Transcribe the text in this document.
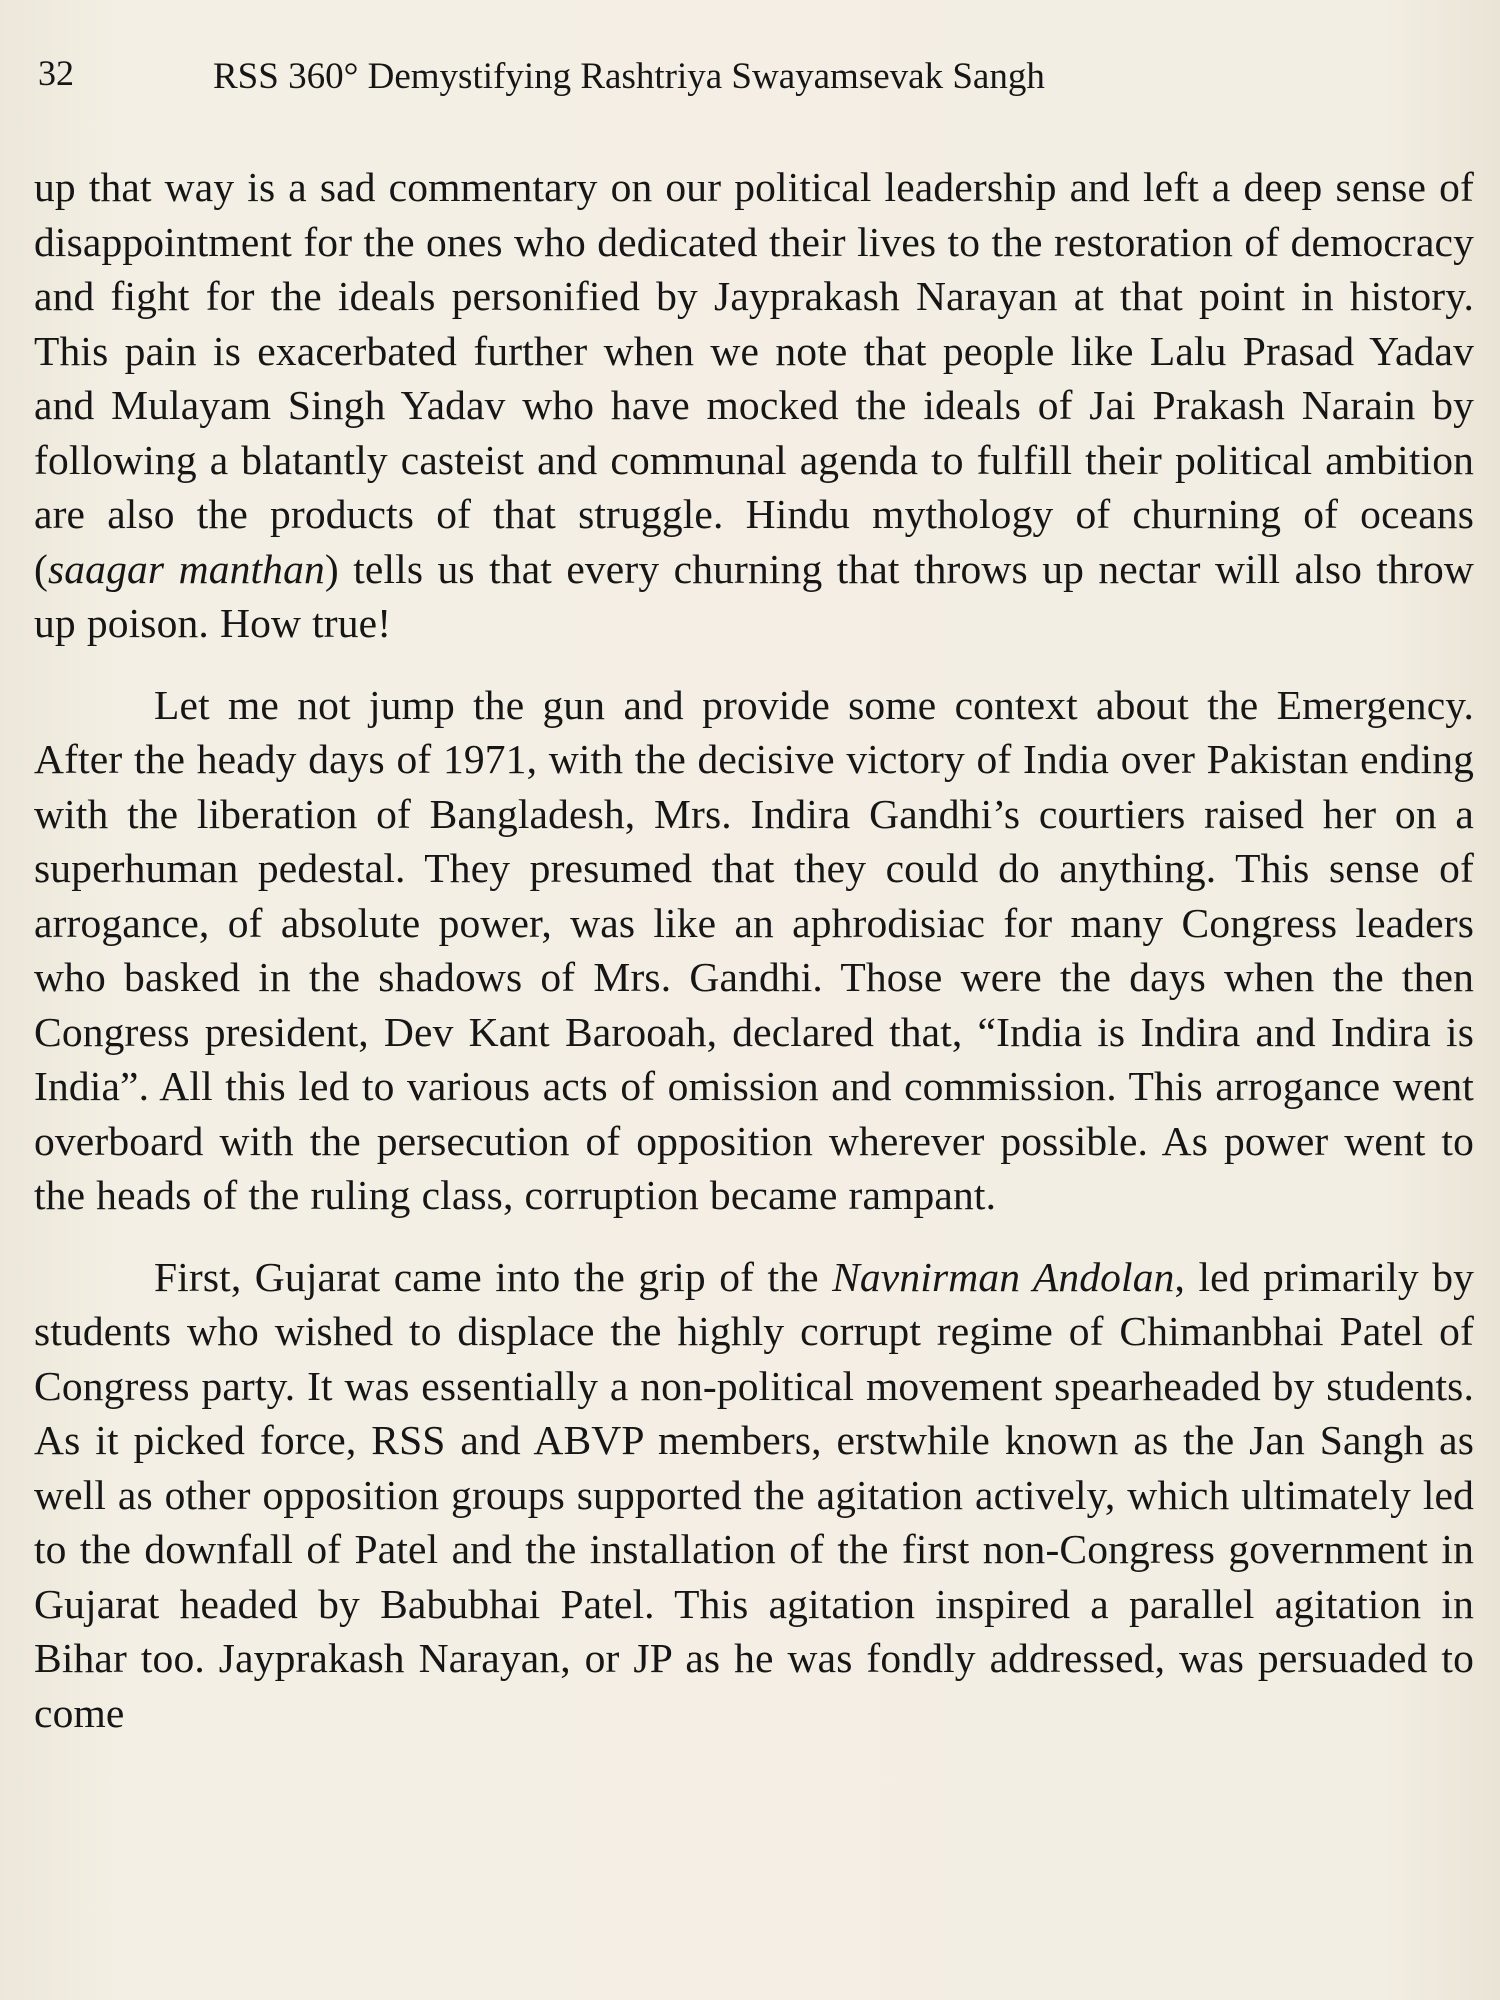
32	RSS 360° Demystifying Rashtriya Swayamsevak Sangh

up that way is a sad commentary on our political leadership and left a deep sense of disappointment for the ones who dedicated their lives to the restoration of democracy and fight for the ideals personified by Jayprakash Narayan at that point in history. This pain is exacerbated further when we note that people like Lalu Prasad Yadav and Mulayam Singh Yadav who have mocked the ideals of Jai Prakash Narain by following a blatantly casteist and communal agenda to fulfill their political ambition are also the products of that struggle. Hindu mythology of churning of oceans (saagar manthan) tells us that every churning that throws up nectar will also throw up poison. How true!

Let me not jump the gun and provide some context about the Emergency. After the heady days of 1971, with the decisive victory of India over Pakistan ending with the liberation of Bangladesh, Mrs. Indira Gandhi’s courtiers raised her on a superhuman pedestal. They presumed that they could do anything. This sense of arrogance, of absolute power, was like an aphrodisiac for many Congress leaders who basked in the shadows of Mrs. Gandhi. Those were the days when the then Congress president, Dev Kant Barooah, declared that, “India is Indira and Indira is India”. All this led to various acts of omission and commission. This arrogance went overboard with the persecution of opposition wherever possible. As power went to the heads of the ruling class, corruption became rampant.

First, Gujarat came into the grip of the Navnirman Andolan, led primarily by students who wished to displace the highly corrupt regime of Chimanbhai Patel of Congress party. It was essentially a non-political movement spearheaded by students. As it picked force, RSS and ABVP members, erstwhile known as the Jan Sangh as well as other opposition groups supported the agitation actively, which ultimately led to the downfall of Patel and the installation of the first non-Congress government in Gujarat headed by Babubhai Patel. This agitation inspired a parallel agitation in Bihar too. Jayprakash Narayan, or JP as he was fondly addressed, was persuaded to come
